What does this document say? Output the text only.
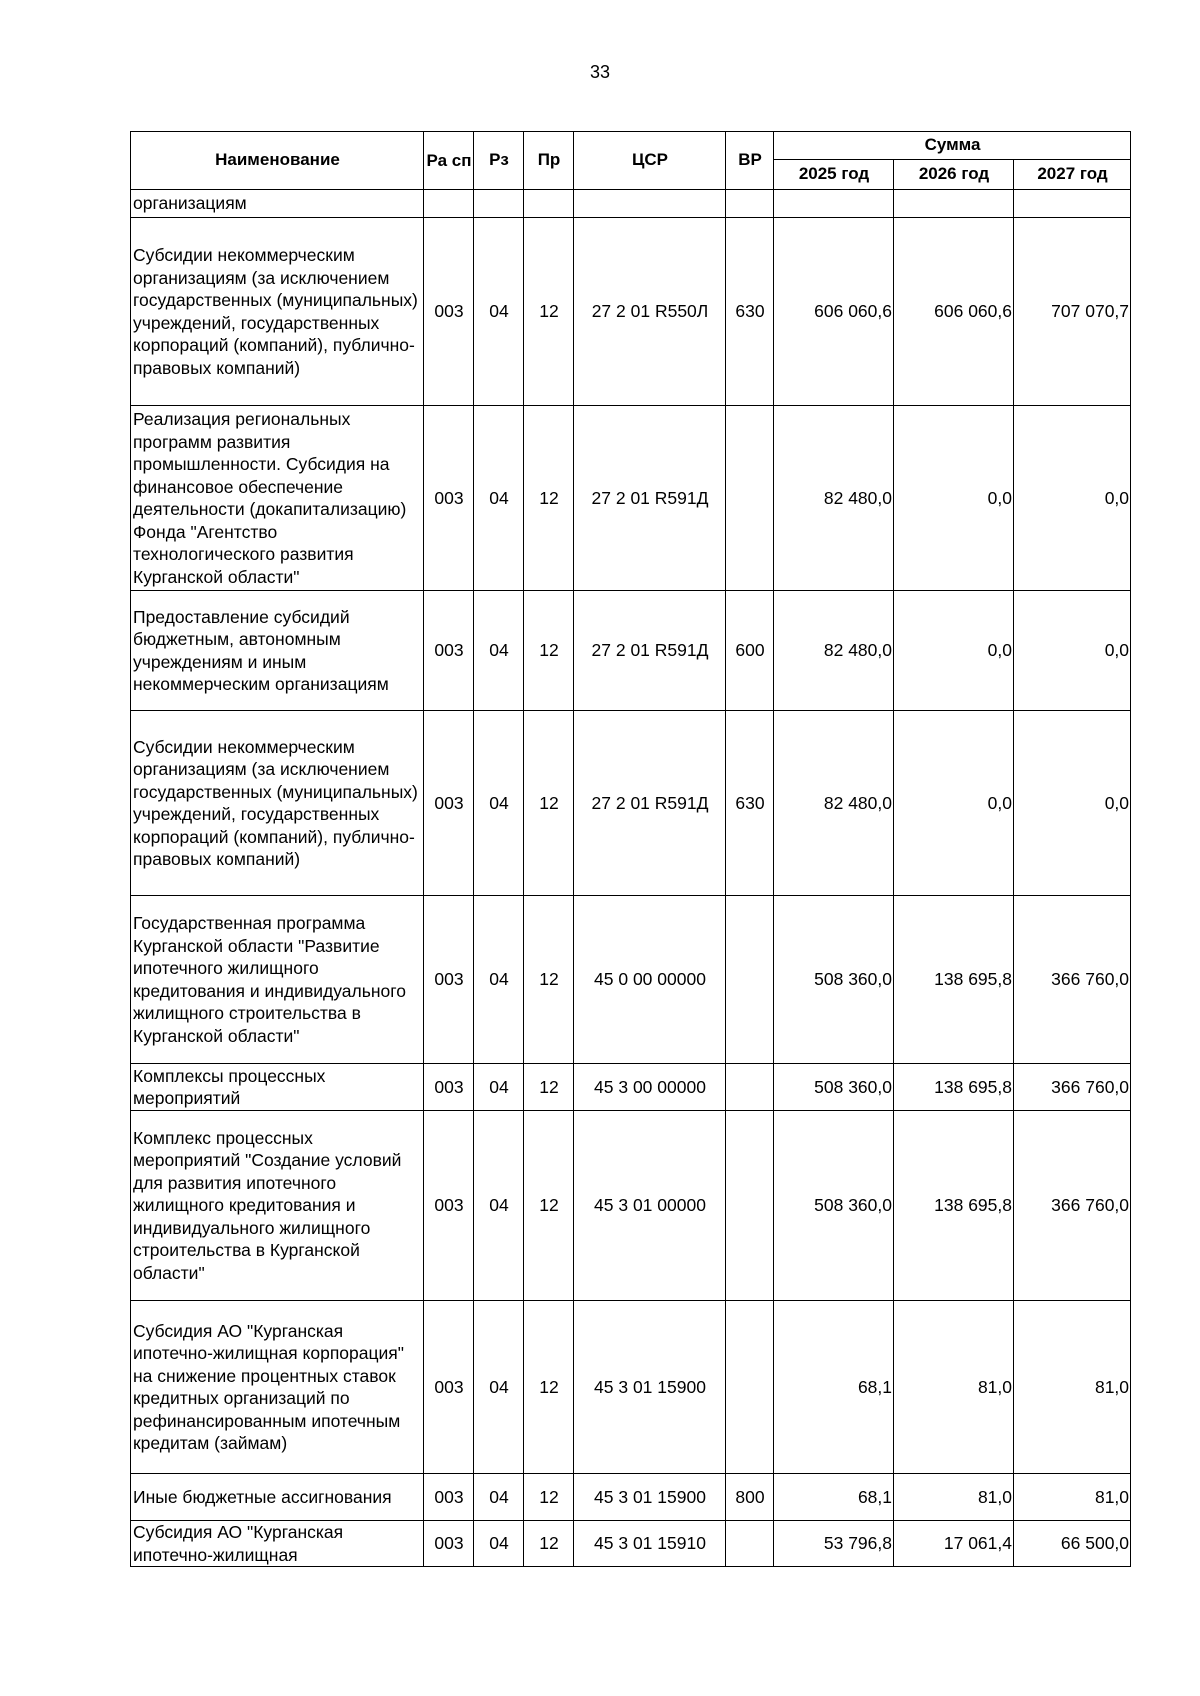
33
Наименование	Ра сп	Рз	Пр	ЦСР	ВР	Сумма		
						2025 год	2026 год	2027 год
организациям								
Субсидии некоммерческим организациям (за исключением государственных (муниципальных) учреждений, государственных корпораций (компаний), публично-правовых компаний)	003	04	12	27 2 01 R550Л	630	606 060,6	606 060,6	707 070,7
Реализация региональных программ развития промышленности. Субсидия на финансовое обеспечение деятельности (докапитализацию) Фонда "Агентство технологического развития Курганской области"	003	04	12	27 2 01 R591Д		82 480,0	0,0	0,0
Предоставление субсидий бюджетным, автономным учреждениям и иным некоммерческим организациям	003	04	12	27 2 01 R591Д	600	82 480,0	0,0	0,0
Субсидии некоммерческим организациям (за исключением государственных (муниципальных) учреждений, государственных корпораций (компаний), публично-правовых компаний)	003	04	12	27 2 01 R591Д	630	82 480,0	0,0	0,0
Государственная программа Курганской области "Развитие ипотечного жилищного кредитования и индивидуального жилищного строительства в Курганской области"	003	04	12	45 0 00 00000		508 360,0	138 695,8	366 760,0
Комплексы процессных мероприятий	003	04	12	45 3 00 00000		508 360,0	138 695,8	366 760,0
Комплекс процессных мероприятий "Создание условий для развития ипотечного жилищного кредитования и индивидуального жилищного строительства в Курганской области"	003	04	12	45 3 01 00000		508 360,0	138 695,8	366 760,0
Субсидия АО "Курганская ипотечно-жилищная корпорация" на снижение процентных ставок кредитных организаций по рефинансированным ипотечным кредитам (займам)	003	04	12	45 3 01 15900		68,1	81,0	81,0
Иные бюджетные ассигнования	003	04	12	45 3 01 15900	800	68,1	81,0	81,0
Субсидия АО "Курганская ипотечно-жилищная	003	04	12	45 3 01 15910		53 796,8	17 061,4	66 500,0
